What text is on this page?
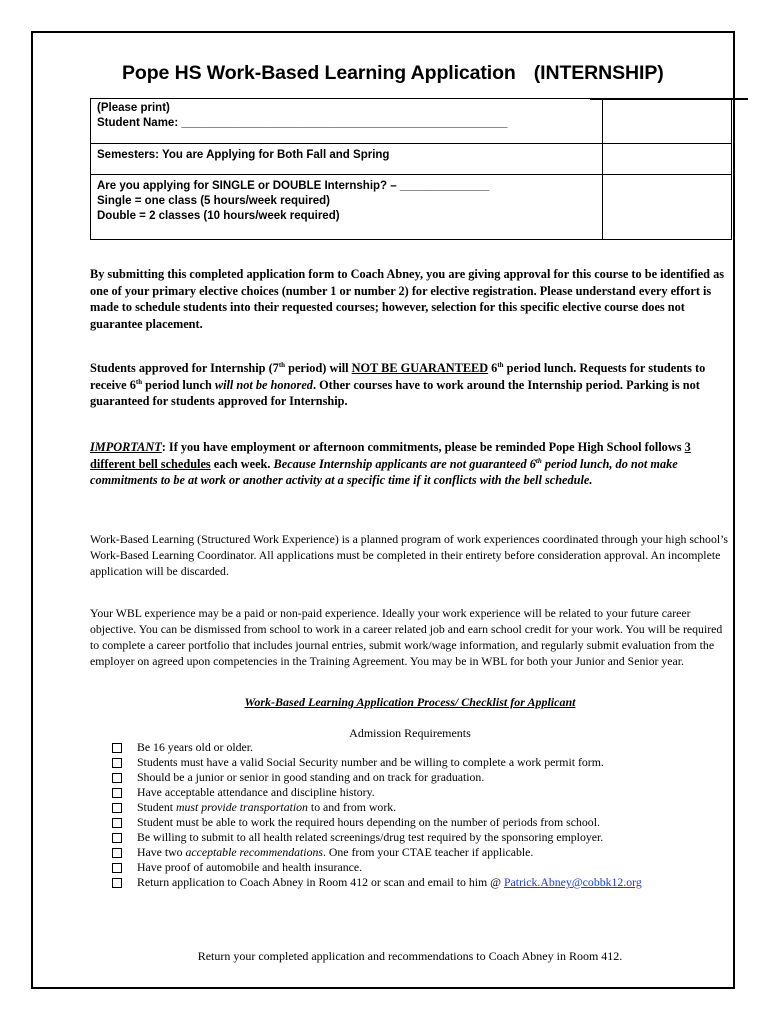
Pope HS Work-Based Learning Application (INTERNSHIP)
(Please print)
Student Name: ___________________________________________________	

Semesters: You are Applying for Both Fall and Spring	

Are you applying for SINGLE or DOUBLE Internship? – ______________
Single = one class (5 hours/week required)
Double = 2 classes (10 hours/week required)	

By submitting this completed application form to Coach Abney, you are giving approval for this course to be identified as one of your primary elective choices (number 1 or number 2) for elective registration. Please understand every effort is made to schedule students into their requested courses; however, selection for this specific elective course does not guarantee placement.
Students approved for Internship (7th period) will NOT BE GUARANTEED 6th period lunch. Requests for students to receive 6th period lunch will not be honored. Other courses have to work around the Internship period. Parking is not guaranteed for students approved for Internship.
IMPORTANT: If you have employment or afternoon commitments, please be reminded Pope High School follows 3 different bell schedules each week. Because Internship applicants are not guaranteed 6th period lunch, do not make commitments to be at work or another activity at a specific time if it conflicts with the bell schedule.
Work-Based Learning (Structured Work Experience) is a planned program of work experiences coordinated through your high school’s Work-Based Learning Coordinator. All applications must be completed in their entirety before consideration approval. An incomplete application will be discarded.
Your WBL experience may be a paid or non-paid experience. Ideally your work experience will be related to your future career objective. You can be dismissed from school to work in a career related job and earn school credit for your work. You will be required to complete a career portfolio that includes journal entries, submit work/wage information, and regularly submit evaluation from the employer on agreed upon competencies in the Training Agreement. You may be in WBL for both your Junior and Senior year.
Work-Based Learning Application Process/ Checklist for Applicant
Admission Requirements
Be 16 years old or older.
Students must have a valid Social Security number and be willing to complete a work permit form.
Should be a junior or senior in good standing and on track for graduation.
Have acceptable attendance and discipline history.
Student must provide transportation to and from work.
Student must be able to work the required hours depending on the number of periods from school.
Be willing to submit to all health related screenings/drug test required by the sponsoring employer.
Have two acceptable recommendations. One from your CTAE teacher if applicable.
Have proof of automobile and health insurance.
Return application to Coach Abney in Room 412 or scan and email to him @ Patrick.Abney@cobbk12.org
Return your completed application and recommendations to Coach Abney in Room 412.
